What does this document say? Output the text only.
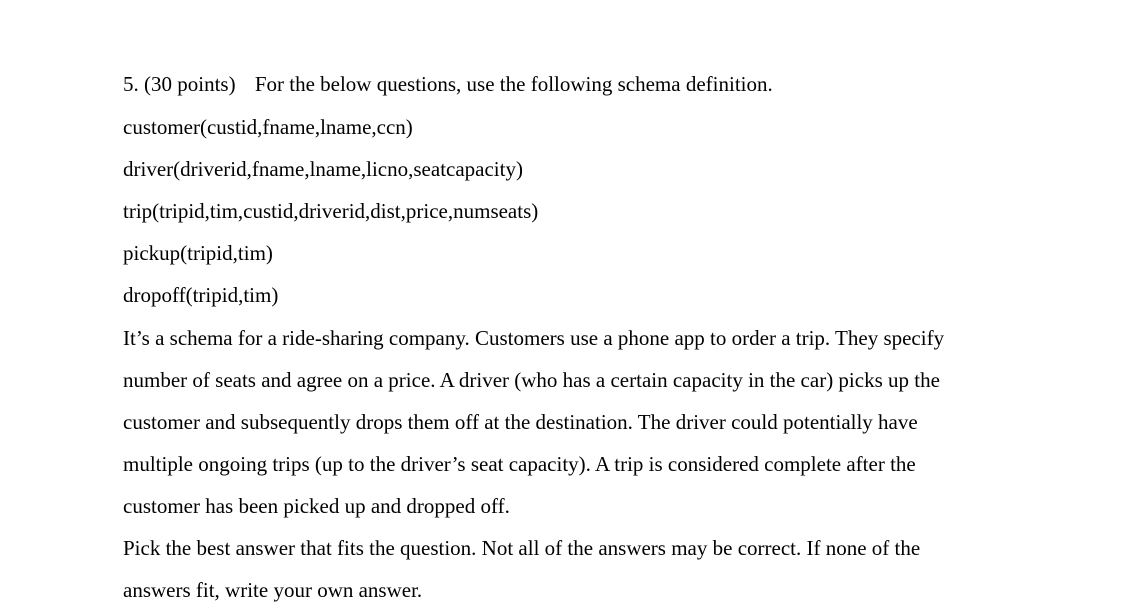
5. (30 points) For the below questions, use the following schema definition.
customer(custid,fname,lname,ccn)
driver(driverid,fname,lname,licno,seatcapacity)
trip(tripid,tim,custid,driverid,dist,price,numseats)
pickup(tripid,tim)
dropoff(tripid,tim)
It’s a schema for a ride-sharing company. Customers use a phone app to order a trip. They specify
number of seats and agree on a price. A driver (who has a certain capacity in the car) picks up the
customer and subsequently drops them off at the destination. The driver could potentially have
multiple ongoing trips (up to the driver’s seat capacity). A trip is considered complete after the
customer has been picked up and dropped off.
Pick the best answer that fits the question. Not all of the answers may be correct. If none of the
answers fit, write your own answer.
